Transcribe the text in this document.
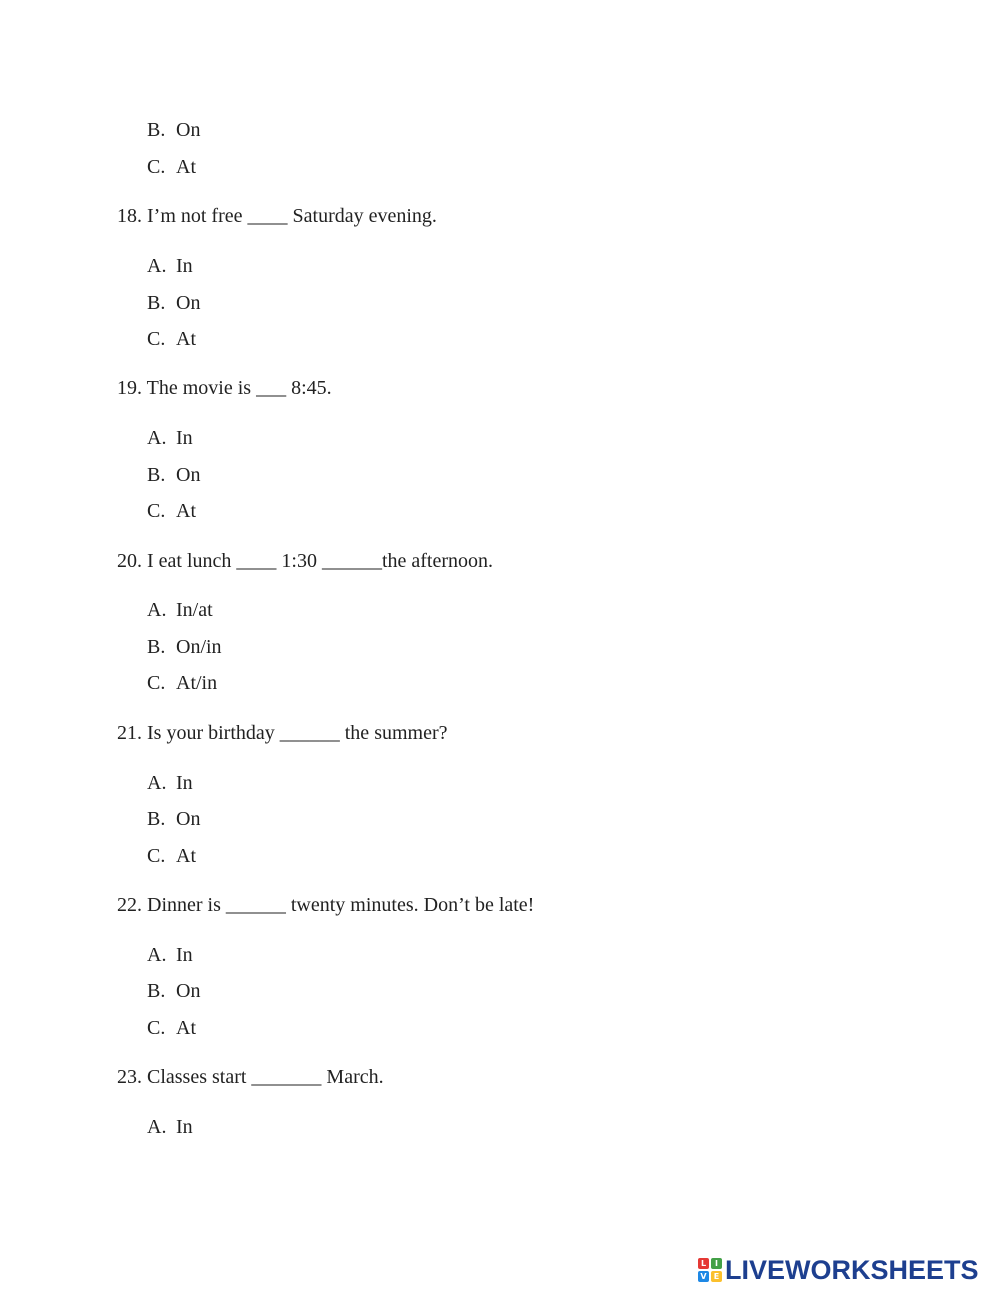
B. On
C. At
18. I’m not free ____ Saturday evening.
A. In
B. On
C. At
19. The movie is ___ 8:45.
A. In
B. On
C. At
20. I eat lunch ____ 1:30 ______the afternoon.
A. In/at
B. On/in
C. At/in
21. Is your birthday ______ the summer?
A. In
B. On
C. At
22. Dinner is ______ twenty minutes. Don’t be late!
A. In
B. On
C. At
23. Classes start _______ March.
A. In
L	I
V E LIVEWORKSHEETS
